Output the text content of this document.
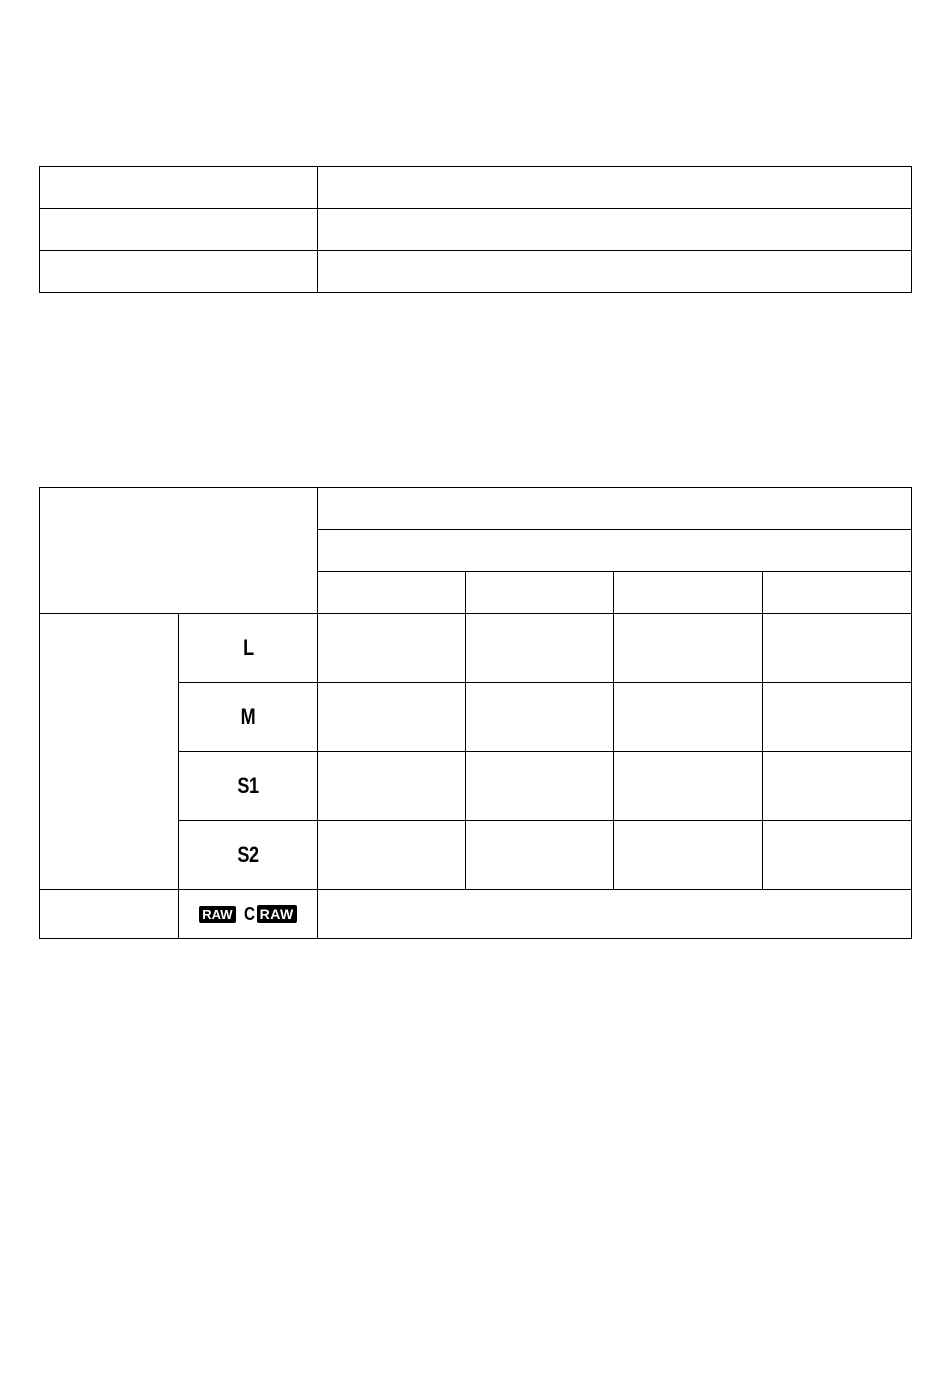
	L				
	M				
	S1				
	S2				

RAW C RAW				
